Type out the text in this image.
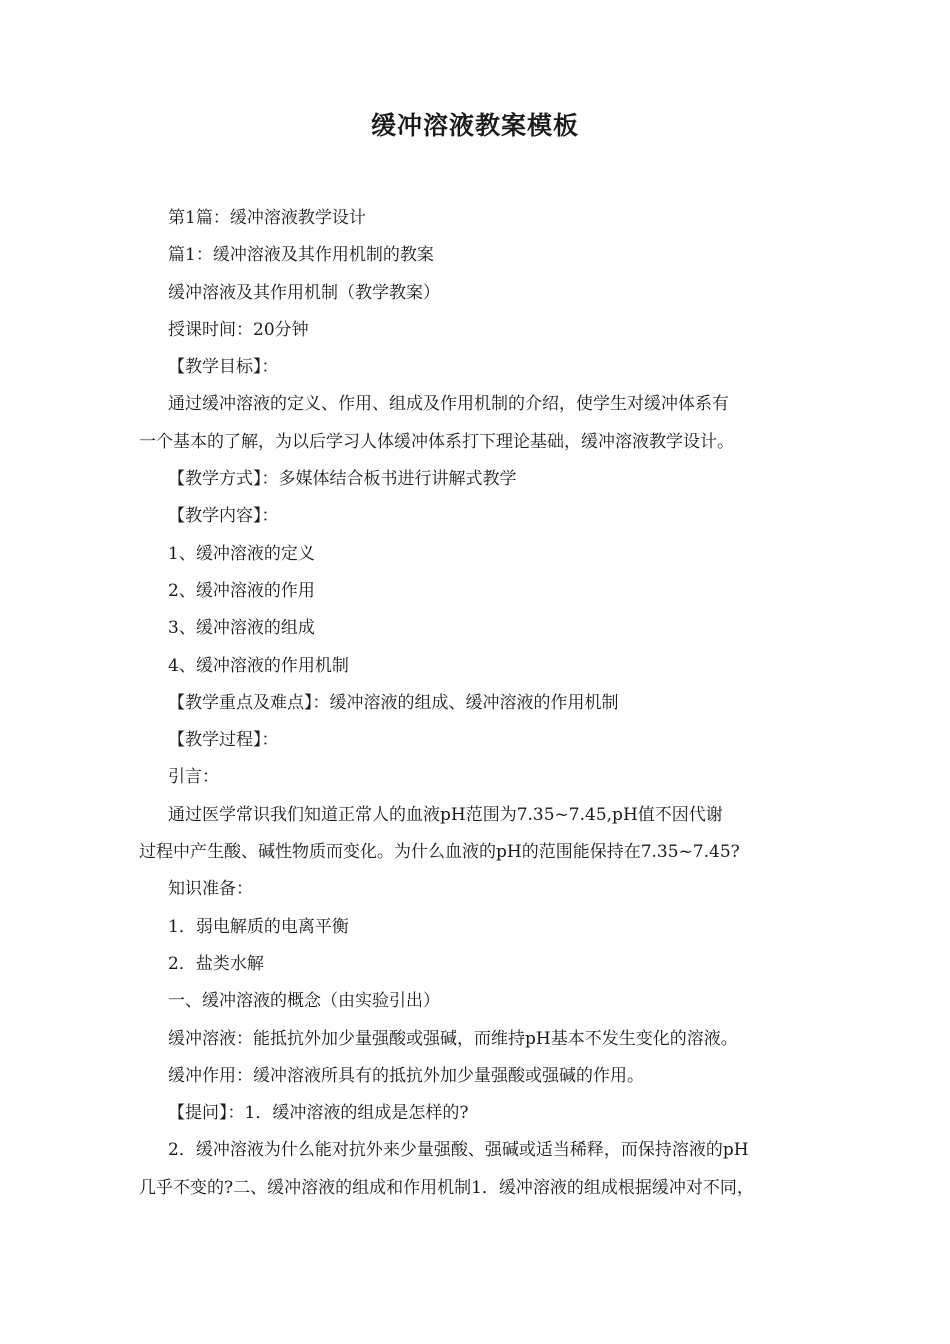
缓冲溶液教案模板

第1篇：缓冲溶液教学设计

篇1：缓冲溶液及其作用机制的教案

缓冲溶液及其作用机制（教学教案）

授课时间：20分钟

【教学目标】：

通过缓冲溶液的定义、作用、组成及作用机制的介绍，使学生对缓冲体系有

一个基本的了解，为以后学习人体缓冲体系打下理论基础，缓冲溶液教学设计。

【教学方式】：多媒体结合板书进行讲解式教学

【教学内容】：

1、缓冲溶液的定义

2、缓冲溶液的作用

3、缓冲溶液的组成

4、缓冲溶液的作用机制

【教学重点及难点】：缓冲溶液的组成、缓冲溶液的作用机制

【教学过程】：

引言：

通过医学常识我们知道正常人的血液pH范围为7.35~7.45,pH值不因代谢

过程中产生酸、碱性物质而变化。为什么血液的pH的范围能保持在7.35~7.45?

知识准备：

1．弱电解质的电离平衡

2．盐类水解

一、缓冲溶液的概念（由实验引出）

缓冲溶液：能抵抗外加少量强酸或强碱，而维持pH基本不发生变化的溶液。

缓冲作用：缓冲溶液所具有的抵抗外加少量强酸或强碱的作用。

【提问】：1．缓冲溶液的组成是怎样的?

2．缓冲溶液为什么能对抗外来少量强酸、强碱或适当稀释，而保持溶液的pH

几乎不变的?二、缓冲溶液的组成和作用机制1．缓冲溶液的组成根据缓冲对不同，
